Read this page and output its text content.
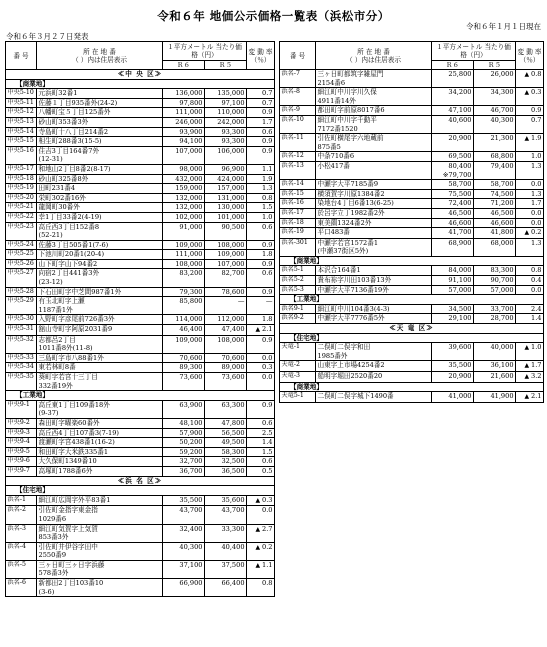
令和６年 地価公示価格一覧表（浜松市分）
令和６年１月１日現在
令和６年３月２７日発表
番 号	所 在 地 番
（ ）内は住居表示	１平方メートル 当たり価格（円）		変 動 率（％）
		Ｒ６	Ｒ５	
≪中 央 区≫				
【商業地】				
中央5-10	元浜町32番1	136,000	135,000	0.7
中央5-11	佐藤１丁目935番外(24-2)	97,800	97,100	0.7
中央5-12	八幡町宝５丁目125番外	111,000	110,000	0.9
中央5-13	砂山町353番3外	246,000	242,000	1.7
中央5-14	寺島町十八丁目214番2	93,900	93,300	0.6
中央5-15	相生町288番3(15-5)	94,100	93,300	0.9
中央5-16	住吉3丁目164番7外
(12-31)	107,000	106,000	0.9
中央5-17	和地山2丁目8番2(8-17)	98,000	96,900	1.1
中央5-18	砂山町325番8外	432,000	424,000	1.9
中央5-19	田町231番4	159,000	157,000	1.3
中央5-20	栄町302番16外	132,000	131,000	0.8
中央5-21	龍岡町30番外	132,000	130,000	1.5
中央5-22	幸1丁目33番2(4-19)	102,000	101,000	1.0
中央5-23	高丘西3丁目152番8
(52-21)	91,000	90,500	0.6
中央5-24	佐藤3丁目505番1(7-6)	109,000	108,000	0.9
中央5-25	下池川町20番1(20-4)	111,000	109,000	1.8
中央5-26	山下町字山下94番2	108,000	107,000	0.9
中央5-27	向宿2丁目441番3外
(23-12)	83,200	82,700	0.6
中央5-28	下石田町字中芝間987番1外	79,300	78,600	0.9
中央5-29	有玉北町字上瀬
1187番1外	85,800	—	—
中央5-30	入野町字彦尾前726番3外	114,000	112,000	1.8
中央5-31	舘山寺町字阿原2031番9	46,400	47,400	▲ 2.1
中央5-32	志都呂2丁目
1011番8外(11-8)	109,000	108,000	0.9
中央5-33	三島町字市八88番1外	70,600	70,600	0.0
中央5-34	東若林町8番	89,300	89,000	0.3
中央5-35	葵町字若宮十三丁目
332番19外	73,600	73,600	0.0
【工業地】				
中央9-1	高丘東1丁目109番18外
(9-37)	63,900	63,300	0.9
中央9-2	森田町字曜楽60番外	48,100	47,800	0.6
中央9-3	高丘西4丁目107番3(7-19)	57,900	56,500	2.5
中央9-4	渡瀬町字宮438番1(16-2)	50,200	49,500	1.4
中央9-5	和田町字大米鉄335番1	59,200	58,300	1.5
中央9-6	大久保町1349番10	32,700	32,500	0.6
中央9-7	高塚町1788番6外	36,700	36,500	0.5
≪浜 名 区≫				
【住宅地】				
浜名-1	細江町広岡字外平83番1	35,500	35,600	▲ 0.3
浜名-2	引佐町金指字東金指
1029番6	43,700	43,700	0.0
浜名-3	細江町気賀字上気賀
853番3外	32,400	33,300	▲ 2.7
浜名-4	引佐町井伊谷字田中
2550番9	40,300	40,400	▲ 0.2
浜名-5	三ヶ日町三ヶ日字浜藤
578番3外	37,100	37,500	▲ 1.1
浜名-6	新都田2丁目103番10
(3-6)	66,900	66,400	0.8
番 号	所 在 地 番
（ ）内は住居表示	１平方メートル 当たり価格（円）		変 動 率（％）
		Ｒ６	Ｒ５	
浜名-7	三ヶ日町都筑字雑屋門
2154番6	25,800	26,000	▲ 0.8
浜名-8	細江町中川字川久保
4911番14外	34,200	34,300	▲ 0.3
浜名-9	都田町字前原8017番6	47,100	46,700	0.9
浜名-10	細江町中川字千動平
7172番1520	40,600	40,300	0.7
浜名-11	引佐町横尾字六地蔵前
875番5	20,900	21,300	▲ 1.9
浜名-12	中条710番6	69,500	68,800	1.0
浜名-13	小松417番	80,400
※79,700	79,400	1.3
浜名-14	中瀬字大平7185番9	58,700	58,700	0.0
浜名-15	横須賀字川原1384番2	75,500	74,500	1.3
浜名-16	染地台4丁目6番13(6-25)	72,400	71,200	1.7
浜名-17	於呂字立丁1982番2外	46,500	46,500	0.0
浜名-18	東美薗1324番2外	46,600	46,600	0.0
浜名-19	平口483番	41,700	41,800	▲ 0.2
浜名-301	中瀬字若宮1572番1
(中瀬37街区5外)	68,900	68,000	1.3
【商業地】				
浜名5-1	本沢合164番1	84,000	83,300	0.8
浜名5-2	貴布祢字川田103番13外	91,100	90,700	0.4
浜名5-3	中瀬字大平7136番19外	57,000	57,000	0.0
【工業地】				
浜名9-1	細江町中川104番3(4-3)	34,500	33,700	2.4
浜名9-2	中瀬字大平7776番5外	29,100	28,700	1.4
≪天 竜 区≫				
【住宅地】				
天竜-1	二俣町二俣字和田
1985番外	39,600	40,000	▲ 1.0
天竜-2	山東字上市場4254番2	35,500	36,100	▲ 1.7
天竜-3	船明字堀田2520番20	20,900	21,600	▲ 3.2
【商業地】				
天竜5-1	二俣町二俣字城下1490番	41,000	41,900	▲ 2.1
